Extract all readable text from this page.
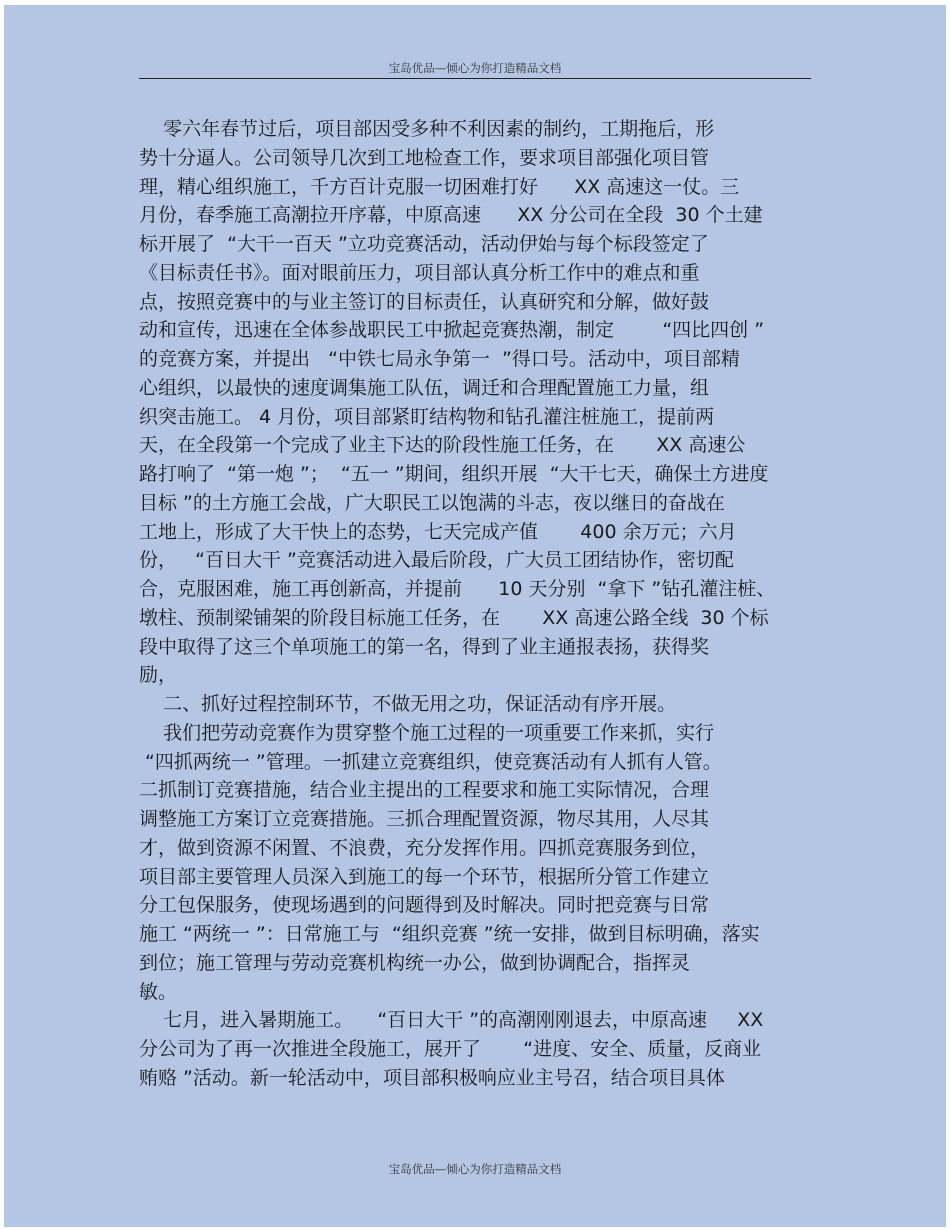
宝岛优品—倾心为你打造精品文档
零六年春节过后，项目部因受多种不利因素的制约，工期拖后，形
势十分逼人。公司领导几次到工地检查工作，要求项目部强化项目管
理，精心组织施工，千方百计克服一切困难打好      XX 高速这一仗。三
月份，春季施工高潮拉开序幕，中原高速      XX 分公司在全段  30 个土建
标开展了  “大干一百天 ”立功竞赛活动，活动伊始与每个标段签定了
《目标责任书》。面对眼前压力，项目部认真分析工作中的难点和重
点，按照竞赛中的与业主签订的目标责任，认真研究和分解，做好鼓
动和宣传，迅速在全体参战职民工中掀起竞赛热潮，制定        “四比四创 ”
的竞赛方案，并提出   “中铁七局永争第一  ”得口号。活动中，项目部精
心组织，以最快的速度调集施工队伍，调迁和合理配置施工力量，组
织突击施工。 4 月份，项目部紧盯结构物和钻孔灌注桩施工，提前两
天，在全段第一个完成了业主下达的阶段性施工任务，在       XX 高速公
路打响了  “第一炮 ”；  “五一 ”期间，组织开展  “大干七天，确保土方进度
目标 ”的土方施工会战，广大职民工以饱满的斗志，夜以继日的奋战在
工地上，形成了大干快上的态势，七天完成产值       400 余万元；六月
份，   “百日大干 ”竞赛活动进入最后阶段，广大员工团结协作，密切配
合，克服困难，施工再创新高，并提前      10 天分别  “拿下 ”钻孔灌注桩、
墩柱、预制梁铺架的阶段目标施工任务，在       XX 高速公路全线  30 个标
段中取得了这三个单项施工的第一名，得到了业主通报表扬，获得奖
励，
二、抓好过程控制环节，不做无用之功，保证活动有序开展。
我们把劳动竞赛作为贯穿整个施工过程的一项重要工作来抓，实行
“四抓两统一 ”管理。一抓建立竞赛组织，使竞赛活动有人抓有人管。
二抓制订竞赛措施，结合业主提出的工程要求和施工实际情况，合理
调整施工方案订立竞赛措施。三抓合理配置资源，物尽其用，人尽其
才，做到资源不闲置、不浪费，充分发挥作用。四抓竞赛服务到位，
项目部主要管理人员深入到施工的每一个环节，根据所分管工作建立
分工包保服务，使现场遇到的问题得到及时解决。同时把竞赛与日常
施工 “两统一 ”：日常施工与  “组织竞赛 ”统一安排，做到目标明确，落实
到位；施工管理与劳动竞赛机构统一办公，做到协调配合，指挥灵
敏。
七月，进入暑期施工。    “百日大干 ”的高潮刚刚退去，中原高速     XX
分公司为了再一次推进全段施工，展开了       “进度、安全、质量，反商业
贿赂 ”活动。新一轮活动中，项目部积极响应业主号召，结合项目具体
宝岛优品—倾心为你打造精品文档
